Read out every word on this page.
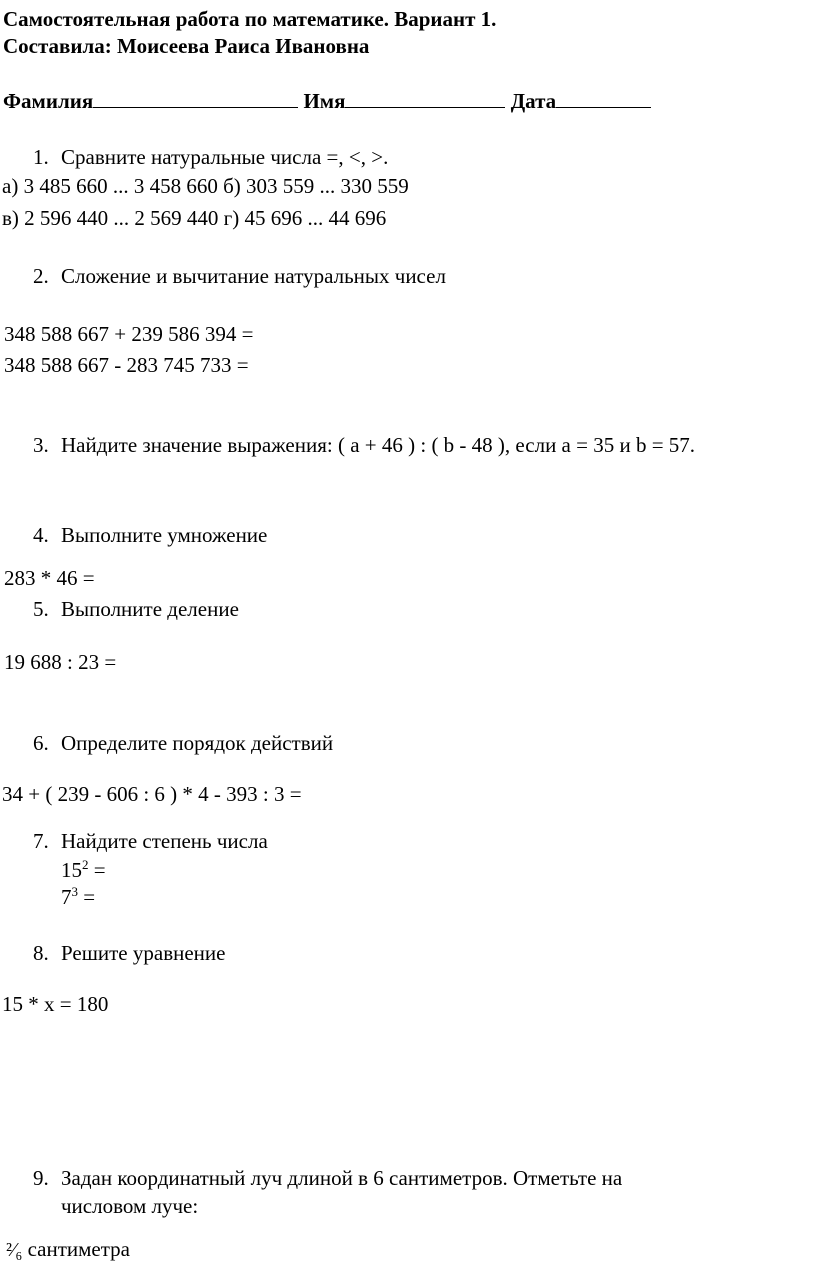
Самостоятельная работа по математике. Вариант 1.
Составила: Моисеева Раиса Ивановна
Фамилия	Имя	Дата
1. Сравните натуральные числа =, <, >.
а) 3 485 660 ... 3 458 660 б) 303 559 ... 330 559
в) 2 596 440 ... 2 569 440 г) 45 696 ... 44 696
2. Сложение и вычитание натуральных чисел
348 588 667 + 239 586 394 =
348 588 667 - 283 745 733 =
3. Найдите значение выражения: ( a + 46 ) : ( b - 48 ), если a = 35 и b = 57.
4. Выполните умножение
283 * 46 =
5. Выполните деление
19 688 : 23 =
6. Определите порядок действий
34 + ( 239 - 606 : 6 ) * 4 - 393 : 3 =
7. Найдите степень числа
$15^2$ =
$7^3$ =
8. Решите уравнение
15 * x = 180
9. Задан координатный луч длиной в 6 сантиметров. Отметьте на
числовом луче:
²⁄₆ сантиметра
